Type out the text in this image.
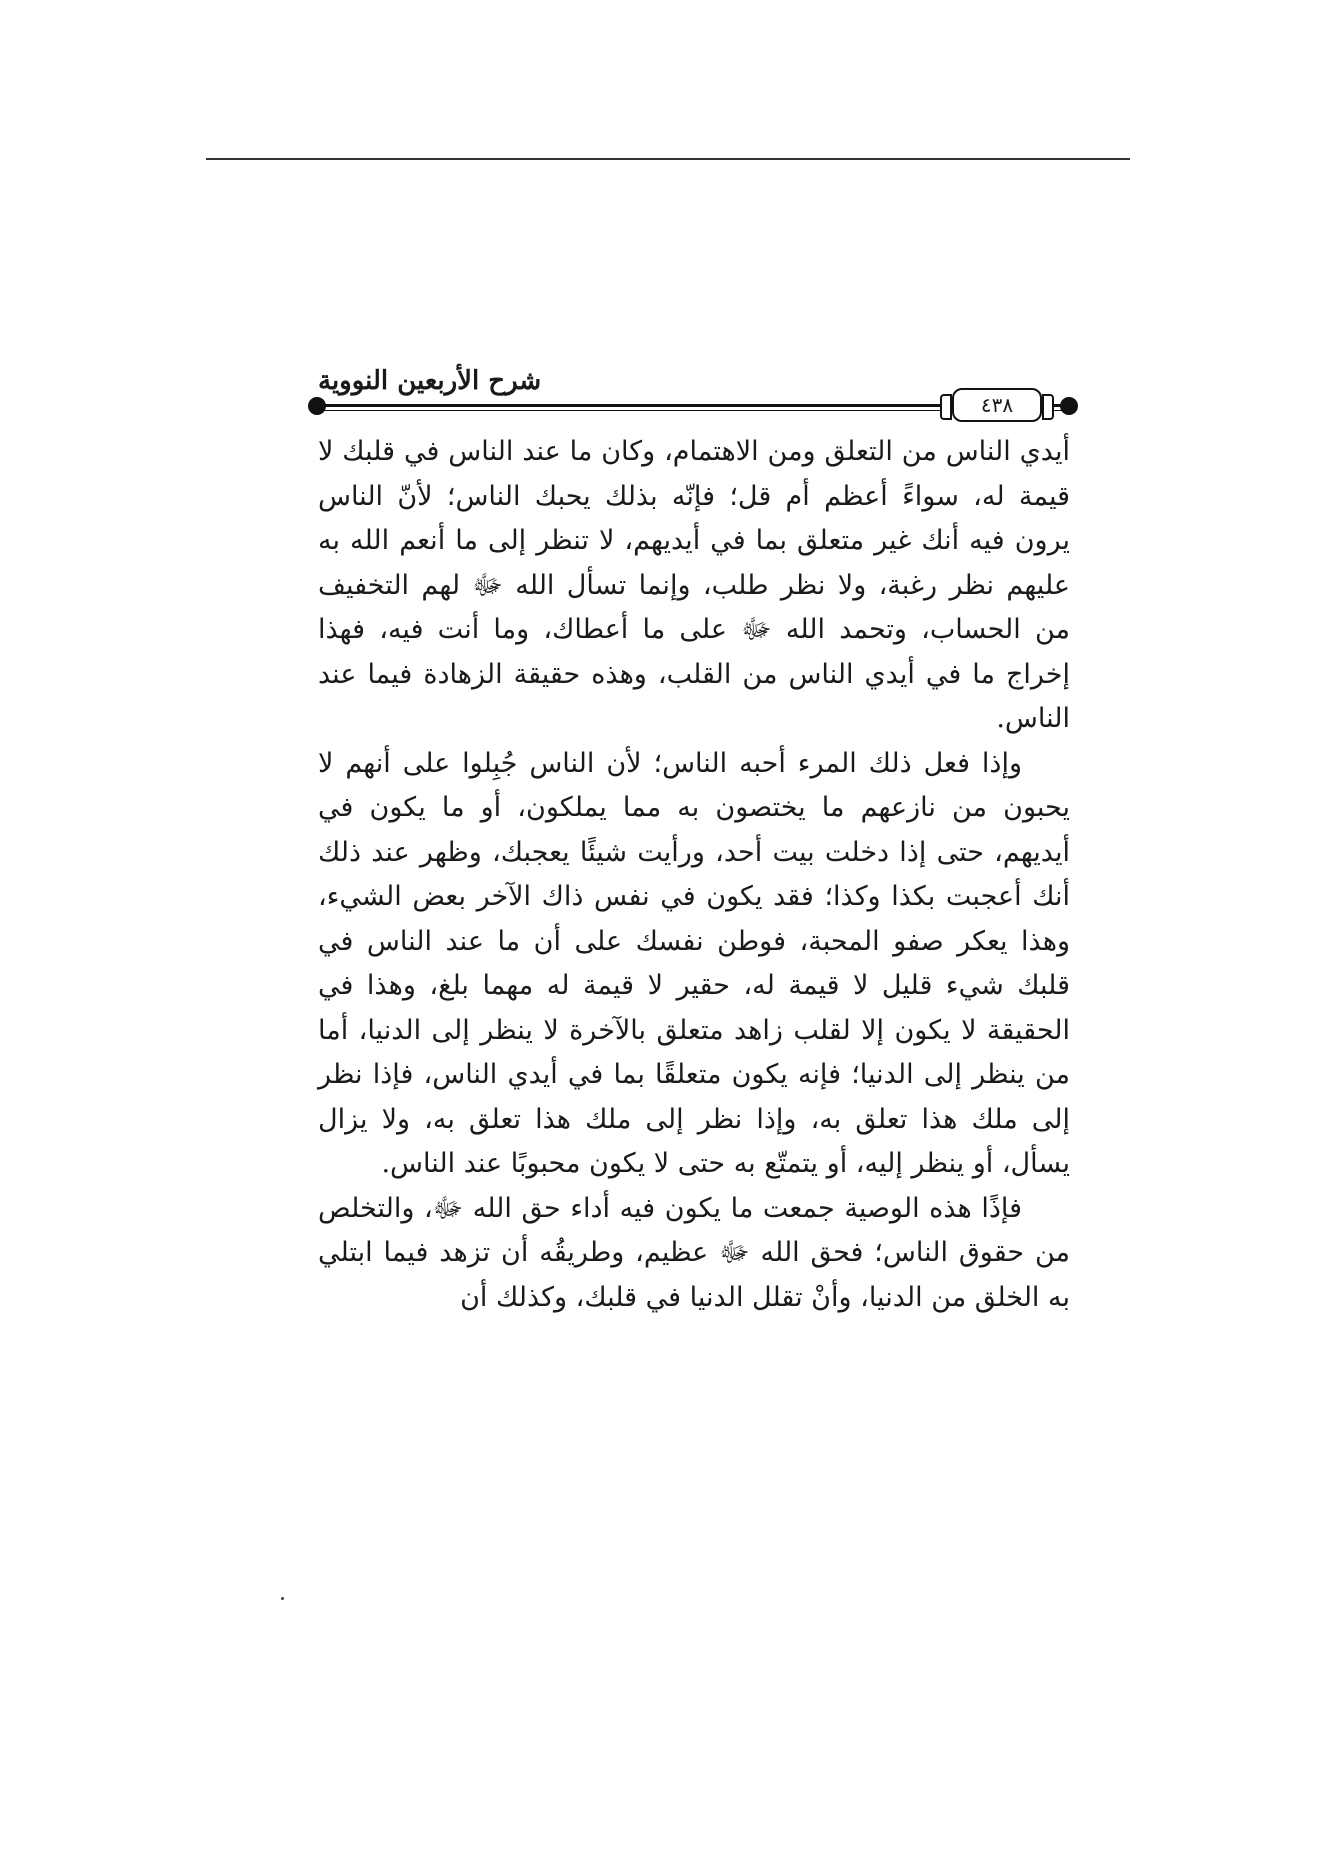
شرح الأربعين النووية
٤٣٨

أيدي الناس من التعلق ومن الاهتمام، وكان ما عند الناس في قلبك لا قيمة له، سواءً أعظم أم قل؛ فإنّه بذلك يحبك الناس؛ لأنّ الناس يرون فيه أنك غير متعلق بما في أيديهم، لا تنظر إلى ما أنعم الله به عليهم نظر رغبة، ولا نظر طلب، وإنما تسأل الله ﷻ لهم التخفيف من الحساب، وتحمد الله ﷻ على ما أعطاك، وما أنت فيه، فهذا إخراج ما في أيدي الناس من القلب، وهذه حقيقة الزهادة فيما عند الناس.

وإذا فعل ذلك المرء أحبه الناس؛ لأن الناس جُبِلوا على أنهم لا يحبون من نازعهم ما يختصون به مما يملكون، أو ما يكون في أيديهم، حتى إذا دخلت بيت أحد، ورأيت شيئًا يعجبك، وظهر عند ذلك أنك أعجبت بكذا وكذا؛ فقد يكون في نفس ذاك الآخر بعض الشيء، وهذا يعكر صفو المحبة، فوطن نفسك على أن ما عند الناس في قلبك شيء قليل لا قيمة له، حقير لا قيمة له مهما بلغ، وهذا في الحقيقة لا يكون إلا لقلب زاهد متعلق بالآخرة لا ينظر إلى الدنيا، أما من ينظر إلى الدنيا؛ فإنه يكون متعلقًا بما في أيدي الناس، فإذا نظر إلى ملك هذا تعلق به، وإذا نظر إلى ملك هذا تعلق به، ولا يزال يسأل، أو ينظر إليه، أو يتمتّع به حتى لا يكون محبوبًا عند الناس.

فإذًا هذه الوصية جمعت ما يكون فيه أداء حق الله ﷻ، والتخلص من حقوق الناس؛ فحق الله ﷻ عظيم، وطريقُه أن تزهد فيما ابتلي به الخلق من الدنيا، وأنْ تقلل الدنيا في قلبك، وكذلك أن
